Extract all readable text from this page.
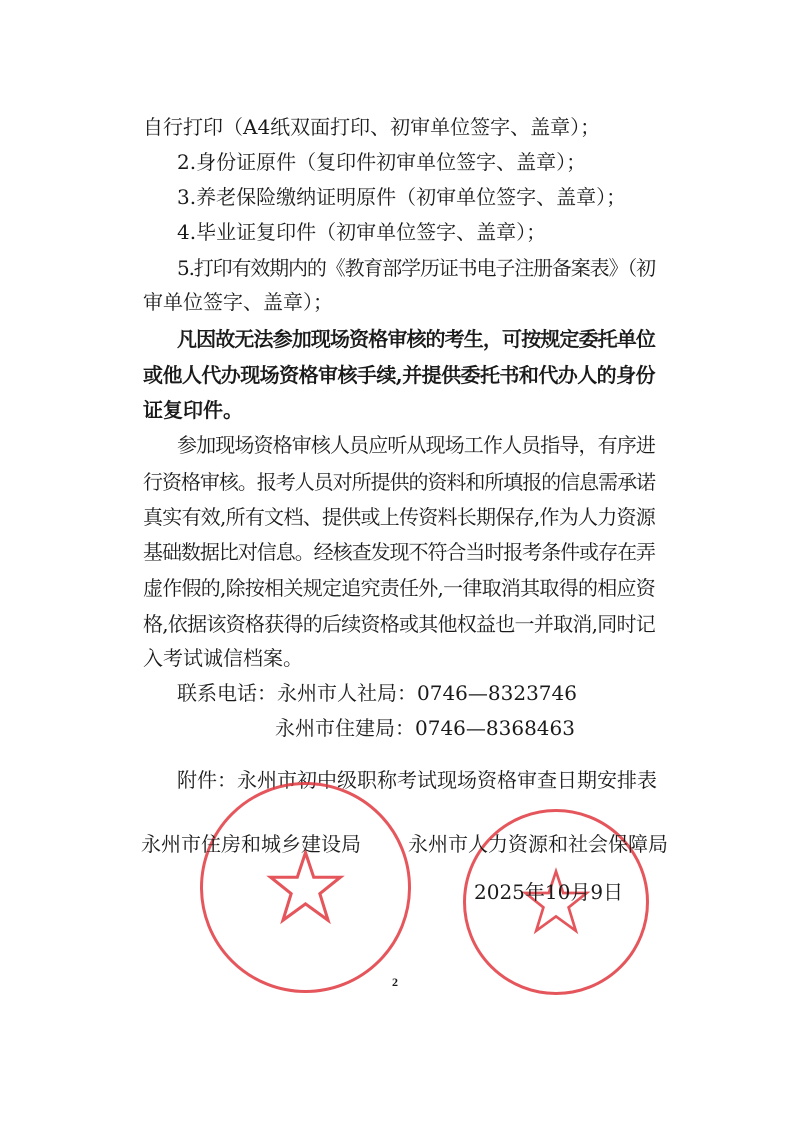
自行打印（A4纸双面打印、初审单位签字、盖章）；
2.身份证原件（复印件初审单位签字、盖章）；
3.养老保险缴纳证明原件（初审单位签字、盖章）；
4.毕业证复印件（初审单位签字、盖章）；
5.打印有效期内的《教育部学历证书电子注册备案表》（初
审单位签字、盖章）；
凡因故无法参加现场资格审核的考生，可按规定委托单位
或他人代办现场资格审核手续,并提供委托书和代办人的身份
证复印件。
参加现场资格审核人员应听从现场工作人员指导，有序进
行资格审核。报考人员对所提供的资料和所填报的信息需承诺
真实有效,所有文档、提供或上传资料长期保存,作为人力资源
基础数据比对信息。经核查发现不符合当时报考条件或存在弄
虚作假的,除按相关规定追究责任外,一律取消其取得的相应资
格,依据该资格获得的后续资格或其他权益也一并取消,同时记
入考试诚信档案。
联系电话：永州市人社局：0746—8323746
永州市住建局：0746—8368463
附件：永州市初中级职称考试现场资格审查日期安排表
永州市住房和城乡建设局 永州市人力资源和社会保障局
2025年10月9日
2
